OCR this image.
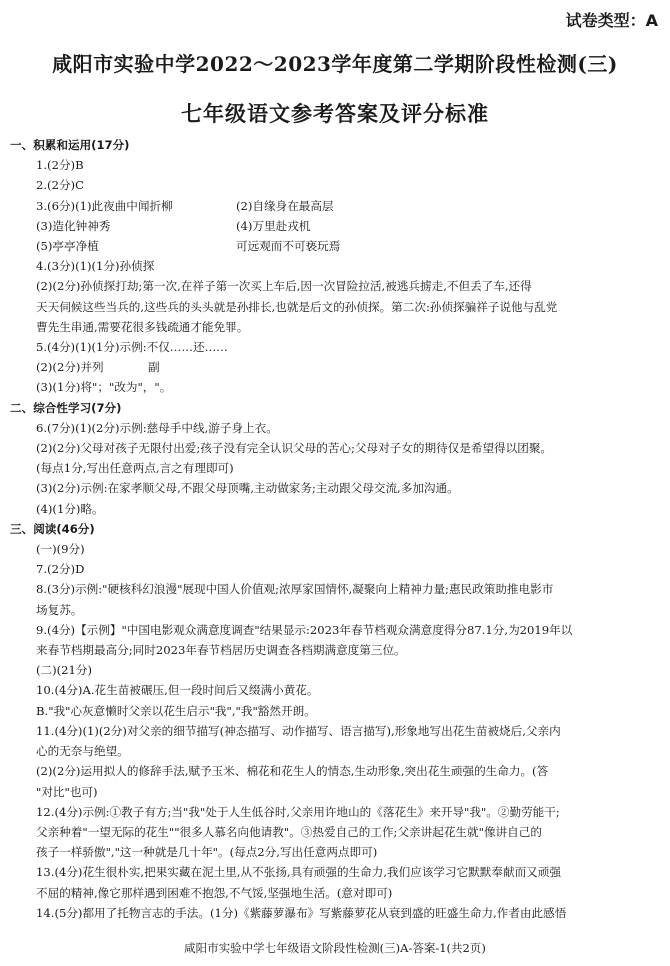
试卷类型：A
咸阳市实验中学2022～2023学年度第二学期阶段性检测(三)
七年级语文参考答案及评分标准
一、积累和运用(17分)
1.(2分)B
2.(2分)C
3.(6分)(1)此夜曲中闻折柳	(2)自缘身在最高层
(3)造化钟神秀	(4)万里赴戎机
(5)亭亭净植	可远观而不可亵玩焉
4.(3分)(1)(1分)孙侦探
(2)(2分)孙侦探打劫;第一次,在祥子第一次买上车后,因一次冒险拉活,被逃兵掳走,不但丢了车,还得
天天伺候这些当兵的,这些兵的头头就是孙排长,也就是后文的孙侦探。第二次:孙侦探骗祥子说他与乱党
曹先生串通,需要花很多钱疏通才能免罪。
5.(4分)(1)(1分)示例:不仅……还……
(2)(2分)并列	副
(3)(1分)将"；"改为"，"。
二、综合性学习(7分)
6.(7分)(1)(2分)示例:慈母手中线,游子身上衣。
(2)(2分)父母对孩子无限付出爱;孩子没有完全认识父母的苦心;父母对子女的期待仅是希望得以团聚。
(每点1分,写出任意两点,言之有理即可)
(3)(2分)示例:在家孝顺父母,不跟父母顶嘴,主动做家务;主动跟父母交流,多加沟通。
(4)(1分)略。
三、阅读(46分)
(一)(9分)
7.(2分)D
8.(3分)示例:"硬核科幻浪漫"展现中国人价值观;浓厚家国情怀,凝聚向上精神力量;惠民政策助推电影市
场复苏。
9.(4分)【示例】"中国电影观众满意度调查"结果显示:2023年春节档观众满意度得分87.1分,为2019年以
来春节档期最高分;同时2023年春节档居历史调查各档期满意度第三位。
(二)(21分)
10.(4分)A.花生苗被碾压,但一段时间后又缀满小黄花。
B."我"心灰意懒时父亲以花生启示"我","我"豁然开朗。
11.(4分)(1)(2分)对父亲的细节描写(神态描写、动作描写、语言描写),形象地写出花生苗被烧后,父亲内
心的无奈与绝望。
(2)(2分)运用拟人的修辞手法,赋予玉米、棉花和花生人的情态,生动形象,突出花生顽强的生命力。(答
"对比"也可)
12.(4分)示例:①教子有方;当"我"处于人生低谷时,父亲用许地山的《落花生》来开导"我"。②勤劳能干;
父亲种着"一望无际的花生""很多人慕名向他请教"。③热爱自己的工作;父亲讲起花生就"像讲自己的
孩子一样骄傲","这一种就是几十年"。(每点2分,写出任意两点即可)
13.(4分)花生很朴实,把果实藏在泥土里,从不张扬,具有顽强的生命力,我们应该学习它默默奉献而又顽强
不屈的精神,像它那样遇到困难不抱怨,不气馁,坚强地生活。(意对即可)
14.(5分)都用了托物言志的手法。(1分)《紫藤萝瀑布》写紫藤萝花从衰到盛的旺盛生命力,作者由此感悟
咸阳市实验中学七年级语文阶段性检测(三)A-答案-1(共2页)
